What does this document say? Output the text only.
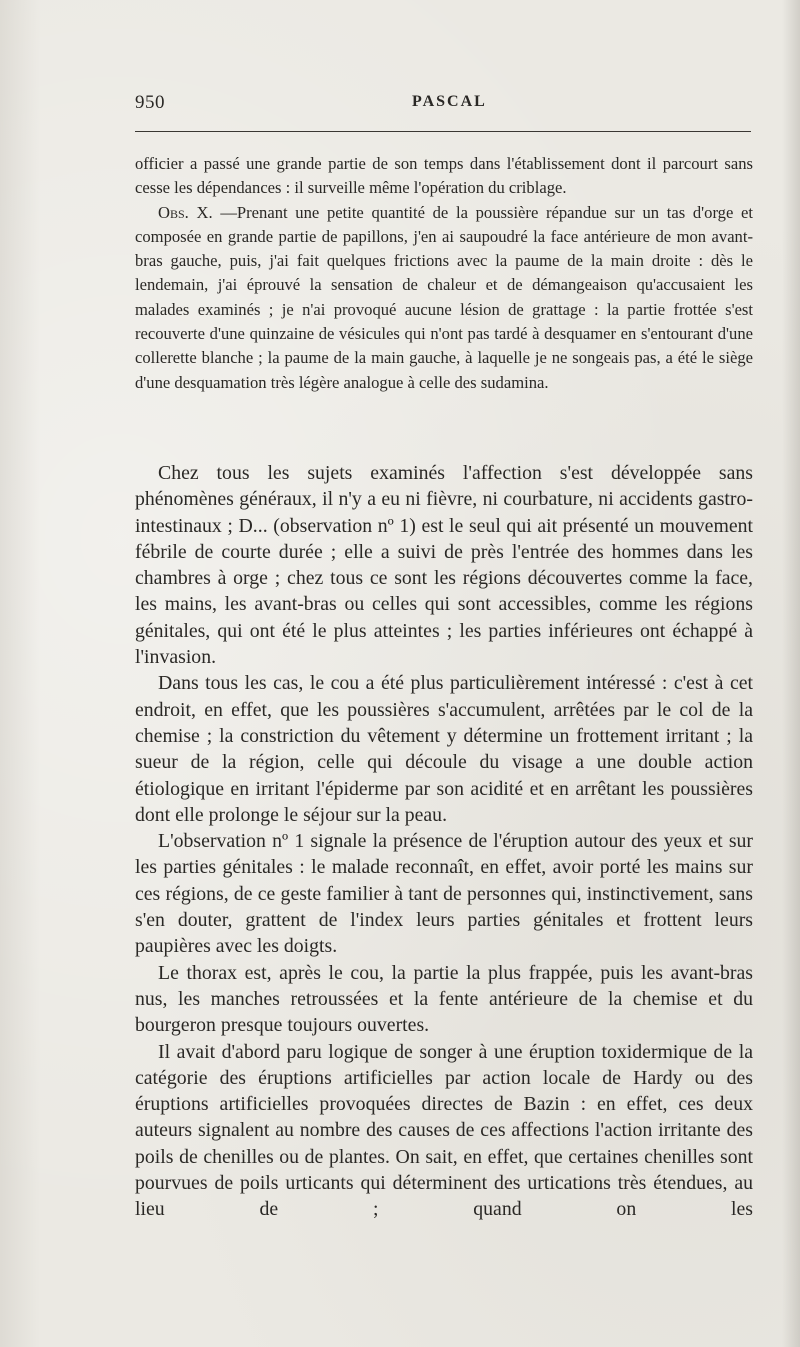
950	PASCAL

officier a passé une grande partie de son temps dans l'établissement dont il parcourt sans cesse les dépendances : il surveille même l'opération du criblage.

Obs. X. —Prenant une petite quantité de la poussière répandue sur un tas d'orge et composée en grande partie de papillons, j'en ai saupoudré la face antérieure de mon avant-bras gauche, puis, j'ai fait quelques frictions avec la paume de la main droite : dès le lendemain, j'ai éprouvé la sensation de chaleur et de démangeaison qu'accusaient les malades examinés ; je n'ai provoqué aucune lésion de grattage : la partie frottée s'est recouverte d'une quinzaine de vésicules qui n'ont pas tardé à desquamer en s'entourant d'une collerette blanche ; la paume de la main gauche, à laquelle je ne songeais pas, a été le siège d'une desquamation très légère analogue à celle des sudamina.

Chez tous les sujets examinés l'affection s'est développée sans phénomènes généraux, il n'y a eu ni fièvre, ni courbature, ni accidents gastro-intestinaux ; D... (observation nº 1) est le seul qui ait présenté un mouvement fébrile de courte durée ; elle a suivi de près l'entrée des hommes dans les chambres à orge ; chez tous ce sont les régions découvertes comme la face, les mains, les avant-bras ou celles qui sont accessibles, comme les régions génitales, qui ont été le plus atteintes ; les parties inférieures ont échappé à l'invasion.

Dans tous les cas, le cou a été plus particulièrement intéressé : c'est à cet endroit, en effet, que les poussières s'accumulent, arrêtées par le col de la chemise ; la constriction du vêtement y détermine un frottement irritant ; la sueur de la région, celle qui découle du visage a une double action étiologique en irritant l'épiderme par son acidité et en arrêtant les poussières dont elle prolonge le séjour sur la peau.

L'observation nº 1 signale la présence de l'éruption autour des yeux et sur les parties génitales : le malade reconnaît, en effet, avoir porté les mains sur ces régions, de ce geste familier à tant de personnes qui, instinctivement, sans s'en douter, grattent de l'index leurs parties génitales et frottent leurs paupières avec les doigts.

Le thorax est, après le cou, la partie la plus frappée, puis les avant-bras nus, les manches retroussées et la fente antérieure de la chemise et du bourgeron presque toujours ouvertes.

Il avait d'abord paru logique de songer à une éruption toxidermique de la catégorie des éruptions artificielles par action locale de Hardy ou des éruptions artificielles provoquées directes de Bazin : en effet, ces deux auteurs signalent au nombre des causes de ces affections l'action irritante des poils de chenilles ou de plantes. On sait, en effet, que certaines chenilles sont pourvues de poils urticants qui déterminent des urtications très étendues, au lieu de ; quand on les
